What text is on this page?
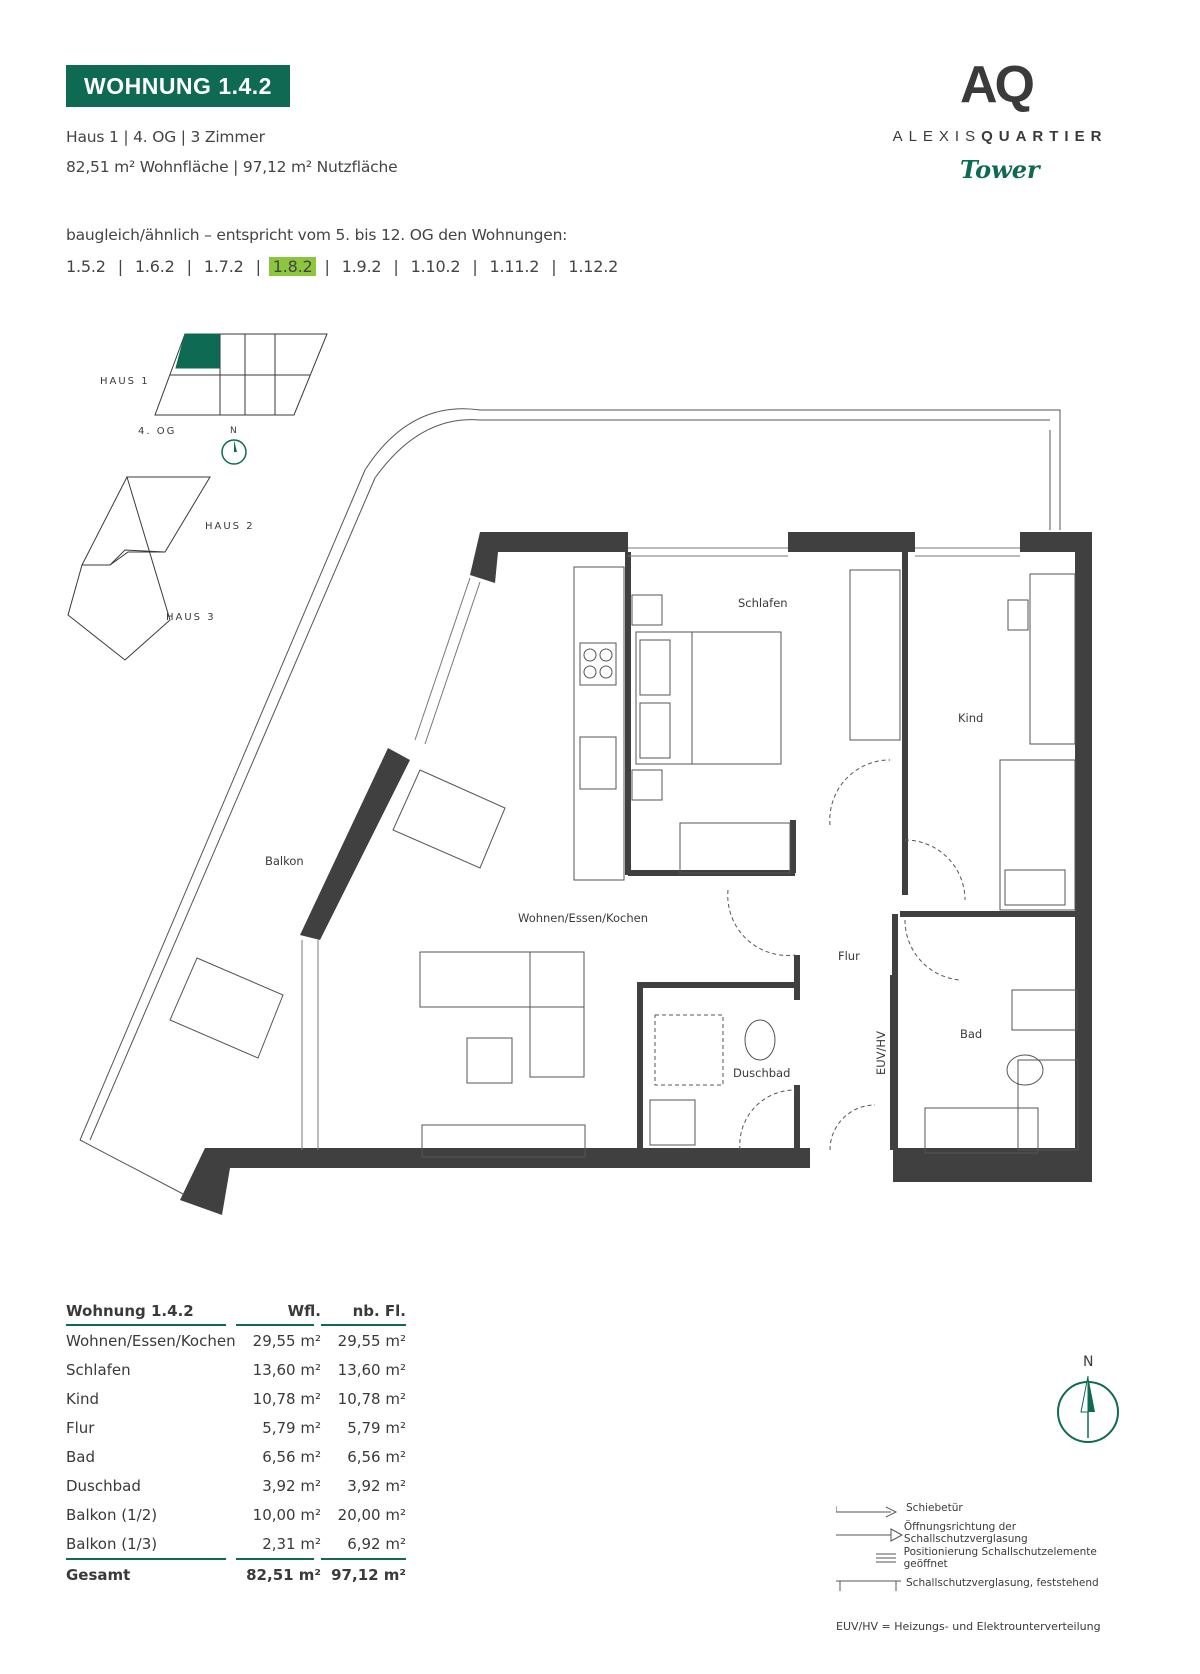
WOHNUNG 1.4.2
Haus 1 | 4. OG | 3 Zimmer
82,51 m² Wohnfläche | 97,12 m² Nutzfläche
baugleich/ähnlich – entspricht vom 5. bis 12. OG den Wohnungen:
1.5.2 | 1.6.2 | 1.7.2 | 1.8.2 | 1.9.2 | 1.10.2 | 1.11.2 | 1.12.2
AQ
ALEXISQUARTIER
Tower
HAUS 1
4. OG	N
HAUS 2
HAUS 3
Schlafen
Kind
Balkon
Wohnen/Essen/Kochen
Flur
Bad
Duschbad	EUV/HV
Wohnung 1.4.2	Wfl.	nb. Fl.
Wohnen/Essen/Kochen	29,55 m²	29,55 m²
Schlafen	13,60 m²	13,60 m²
Kind	10,78 m²	10,78 m²
Flur	5,79 m²	5,79 m²
Bad	6,56 m²	6,56 m²
Duschbad	3,92 m²	3,92 m²
Balkon (1/2)	10,00 m²	20,00 m²
Balkon (1/3)	2,31 m²	6,92 m²
Gesamt	82,51 m² 97,12 m²
N
Schiebetür
Öffnungsrichtung der Schallschutzverglasung
Positionierung Schallschutzelemente geöffnet
Schallschutzverglasung, feststehend
EUV/HV = Heizungs- und Elektrounterverteilung
